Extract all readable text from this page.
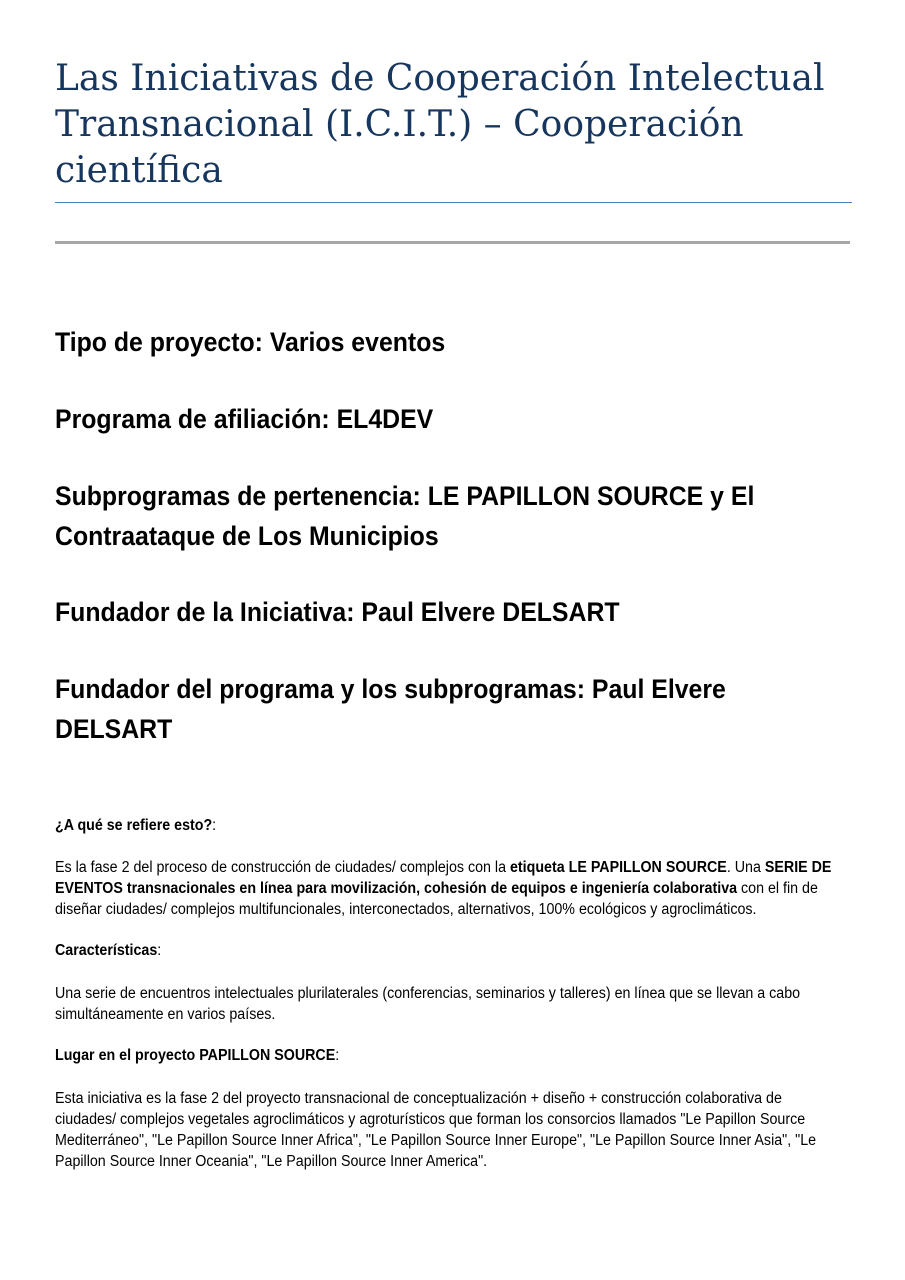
Las Iniciativas de Cooperación Intelectual Transnacional (I.C.I.T.) – Cooperación científica

Tipo de proyecto: Varios eventos

Programa de afiliación: EL4DEV

Subprogramas de pertenencia: LE PAPILLON SOURCE y El Contraataque de Los Municipios

Fundador de la Iniciativa: Paul Elvere DELSART

Fundador del programa y los subprogramas: Paul Elvere DELSART

¿A qué se refiere esto?:

Es la fase 2 del proceso de construcción de ciudades/ complejos con la etiqueta LE PAPILLON SOURCE. Una SERIE DE EVENTOS transnacionales en línea para movilización, cohesión de equipos e ingeniería colaborativa con el fin de diseñar ciudades/ complejos multifuncionales, interconectados, alternativos, 100% ecológicos y agroclimáticos.

Características:

Una serie de encuentros intelectuales plurilaterales (conferencias, seminarios y talleres) en línea que se llevan a cabo simultáneamente en varios países.

Lugar en el proyecto PAPILLON SOURCE:

Esta iniciativa es la fase 2 del proyecto transnacional de conceptualización + diseño + construcción colaborativa de ciudades/ complejos vegetales agroclimáticos y agroturísticos que forman los consorcios llamados "Le Papillon Source Mediterráneo", "Le Papillon Source Inner Africa", "Le Papillon Source Inner Europe", "Le Papillon Source Inner Asia", "Le Papillon Source Inner Oceania", "Le Papillon Source Inner America".
